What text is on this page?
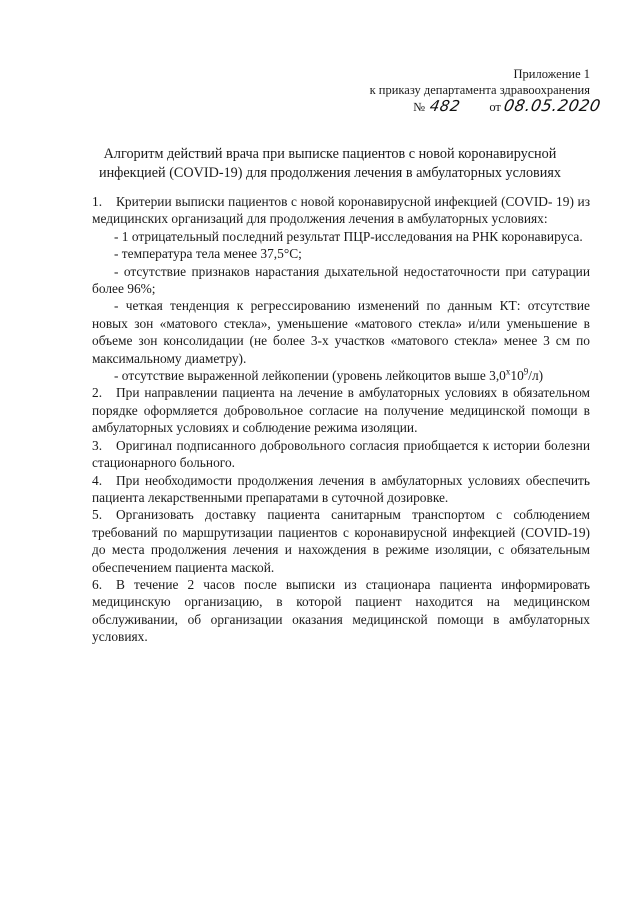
Приложение 1
к приказу департамента здравоохранения
№ 482 от 08.05.2020
Алгоритм действий врача при выписке пациентов с новой коронавирусной
инфекцией (COVID-19) для продолжения лечения в амбулаторных условиях

1. Критерии выписки пациентов с новой коронавирусной инфекцией (COVID- 19) из медицинских организаций для продолжения лечения в амбулаторных условиях:

- 1 отрицательный последний результат ПЦР-исследования на РНК коронавируса.

- температура тела менее 37,5°С;

- отсутствие признаков нарастания дыхательной недостаточности при сатурации более 96%;

- четкая тенденция к регрессированию изменений по данным КТ: отсутствие новых зон «матового стекла», уменьшение «матового стекла» и/или уменьшение в объеме зон консолидации (не более 3-х участков «матового стекла» менее 3 см по максимальному диаметру).

- отсутствие выраженной лейкопении (уровень лейкоцитов выше $3,0^х10^9/л$)

2. При направлении пациента на лечение в амбулаторных условиях в обязательном порядке оформляется добровольное согласие на получение медицинской помощи в амбулаторных условиях и соблюдение режима изоляции.

3. Оригинал подписанного добровольного согласия приобщается к истории болезни стационарного больного.

4. При необходимости продолжения лечения в амбулаторных условиях обеспечить пациента лекарственными препаратами в суточной дозировке.

5. Организовать доставку пациента санитарным транспортом с соблюдением требований по маршрутизации пациентов с коронавирусной инфекцией (COVID-19) до места продолжения лечения и нахождения в режиме изоляции, с обязательным обеспечением пациента маской.

6. В течение 2 часов после выписки из стационара пациента информировать медицинскую организацию, в которой пациент находится на медицинском обслуживании, об организации оказания медицинской помощи в амбулаторных условиях.
